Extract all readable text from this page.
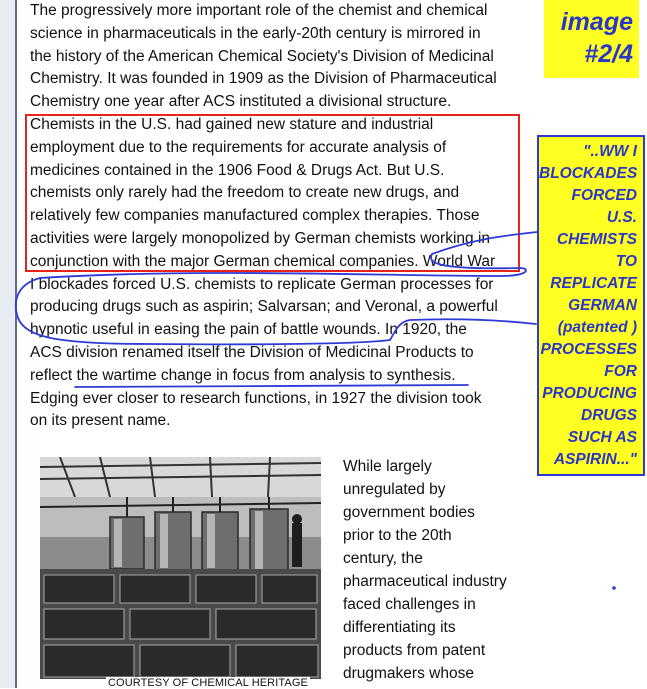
The progressively more important role of the chemist and chemical
science in pharmaceuticals in the early-20th century is mirrored in
the history of the American Chemical Society's Division of Medicinal
Chemistry. It was founded in 1909 as the Division of Pharmaceutical
Chemistry one year after ACS instituted a divisional structure.
Chemists in the U.S. had gained new stature and industrial
employment due to the requirements for accurate analysis of
medicines contained in the 1906 Food & Drugs Act. But U.S.
chemists only rarely had the freedom to create new drugs, and
relatively few companies manufactured complex therapies. Those
activities were largely monopolized by German chemists working in
conjunction with the major German chemical companies. World War
I blockades forced U.S. chemists to replicate German processes for
producing drugs such as aspirin; Salvarsan; and Veronal, a powerful
hypnotic useful in easing the pain of battle wounds. In 1920, the
ACS division renamed itself the Division of Medicinal Products to
reflect the wartime change in focus from analysis to synthesis.
Edging ever closer to research functions, in 1927 the division took
on its present name.

image
#2/4
"..WW I
BLOCKADES
FORCED
U.S.
CHEMISTS
TO
REPLICATE
GERMAN
(patented )
PROCESSES
FOR
PRODUCING
DRUGS
SUCH AS
ASPIRIN..."
COURTESY OF CHEMICAL HERITAGE

While largely
unregulated by
government bodies
prior to the 20th
century, the
pharmaceutical industry
faced challenges in
differentiating its
products from patent
drugmakers whose
